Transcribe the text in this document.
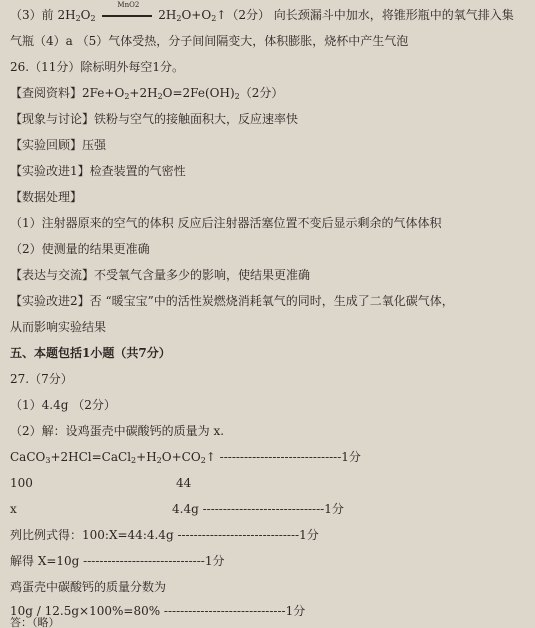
（3）前 $2H_2O_2$
MnO2
$2H_2O+O_2↑(2$分） 向长颈漏斗中加水，将锥形瓶中的氧气排入集
气瓶（4）a （5）气体受热，分子间间隔变大，体积膨胀，烧杯中产生气泡
26.（11分）除标明外每空1分。
【查阅资料】$2Fe+O_2+2H_2O=2Fe(OH)_2(2$分）
【现象与讨论】铁粉与空气的接触面积大，反应速率快
【实验回顾】压强
【实验改进1】检查装置的气密性
【数据处理】
（1）注射器原来的空气的体积 反应后注射器活塞位置不变后显示剩余的气体体积
（2）使测量的结果更准确
【表达与交流】不受氧气含量多少的影响，使结果更准确
【实验改进2】否 “暖宝宝”中的活性炭燃烧消耗氧气的同时，生成了二氧化碳气体，
从而影响实验结果
五、本题包括1小题（共7分）
27.（7分）
（1）4.4g （2分）
（2）解：设鸡蛋壳中碳酸钙的质量为 x.
$CaCO_3+2HCl=CaCl_2+H_2O+CO_2↑$ ------------------------------1分
100	44
x	4.4g ------------------------------1分
列比例式得：100:X=44:4.4g ------------------------------1分
解得 X=10g ------------------------------1分
鸡蛋壳中碳酸钙的质量分数为
10g / 12.5g×100%=80% ------------------------------1分
答：（略）
